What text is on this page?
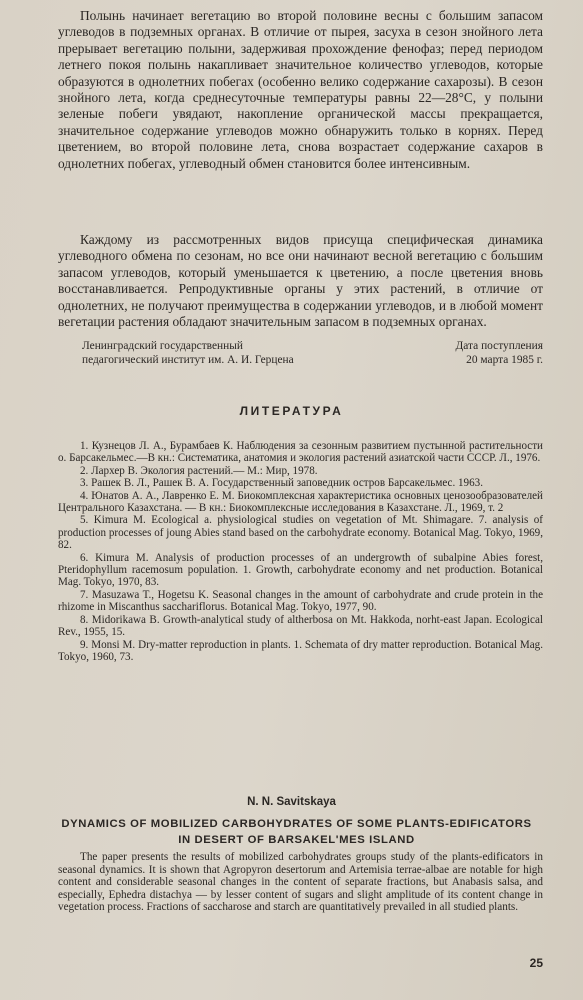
Полынь начинает вегетацию во второй половине весны с большим запасом углеводов в подземных органах. В отличие от пырея, засуха в сезон знойного лета прерывает вегетацию полыни, задерживая прохождение фенофаз; перед периодом летнего покоя полынь накапливает значительное количество углеводов, которые образуются в однолетних побегах (особенно велико содержание сахарозы). В сезон знойного лета, когда среднесуточные температуры равны 22—28°С, у полыни зеленые побеги увядают, накопление органической массы прекращается, значительное содержание углеводов можно обнаружить только в корнях. Перед цветением, во второй половине лета, снова возрастает содержание сахаров в однолетних побегах, углеводный обмен становится более интенсивным.

Каждому из рассмотренных видов присуща специфическая динамика углеводного обмена по сезонам, но все они начинают весной вегетацию с большим запасом углеводов, который уменьшается к цветению, а после цветения вновь восстанавливается. Репродуктивные органы у этих растений, в отличие от однолетних, не получают преимущества в содержании углеводов, и в любой момент вегетации растения обладают значительным запасом в подземных органах.

Ленинградский государственный
педагогический институт им. А. И. Герцена
Дата поступления
20 марта 1985 г.
ЛИТЕРАТУРА

1. Кузнецов Л. А., Бурамбаев К. Наблюдения за сезонным развитием пустынной растительности о. Барсакельмес.—В кн.: Систематика, анатомия и экология растений азиатской части СССР. Л., 1976.

2. Лархер В. Экология растений.— М.: Мир, 1978.

3. Рашек В. Л., Рашек В. А. Государственный заповедник остров Барсакельмес. 1963.

4. Юнатов А. А., Лавренко Е. М. Биокомплексная характеристика основных ценозообразователей Центрального Казахстана. — В кн.: Биокомплексные исследования в Казахстане. Л., 1969, т. 2

5. Kimura M. Ecological a. physiological studies on vegetation of Mt. Shimagare. 7. analysis of production processes of joung Abies stand based on the carbohydrate economy. Botanical Mag. Tokyo, 1969, 82.

6. Kimura M. Analysis of production processes of an undergrowth of subalpine Abies forest, Pteridophyllum racemosum population. 1. Growth, carbohydrate economy and net production. Botanical Mag. Tokyo, 1970, 83.

7. Masuzawa T., Hogetsu K. Seasonal changes in the amount of carbohydrate and crude protein in the rhizome in Miscanthus sacchariflorus. Botanical Mag. Tokyo, 1977, 90.

8. Midorikawa B. Growth-analytical study of altherbosa on Mt. Hakkoda, norht-east Japan. Ecological Rev., 1955, 15.

9. Monsi M. Dry-matter reproduction in plants. 1. Schemata of dry matter reproduction. Botanical Mag. Tokyo, 1960, 73.

N. N. Savitskaya
DYNAMICS OF MOBILIZED CARBOHYDRATES OF SOME PLANTS-EDIFICATORS
IN DESERT OF BARSAKEL'MES ISLAND

The paper presents the results of mobilized carbohydrates groups study of the plants-edificators in seasonal dynamics. It is shown that Agropyron desertorum and Artemisia terrae-albae are notable for high content and considerable seasonal changes in the content of separate fractions, but Anabasis salsa, and especially, Ephedra distachya — by lesser content of sugars and slight amplitude of its content change in vegetation process. Fractions of saccharose and starch are quantitatively prevailed in all studied plants.

25
